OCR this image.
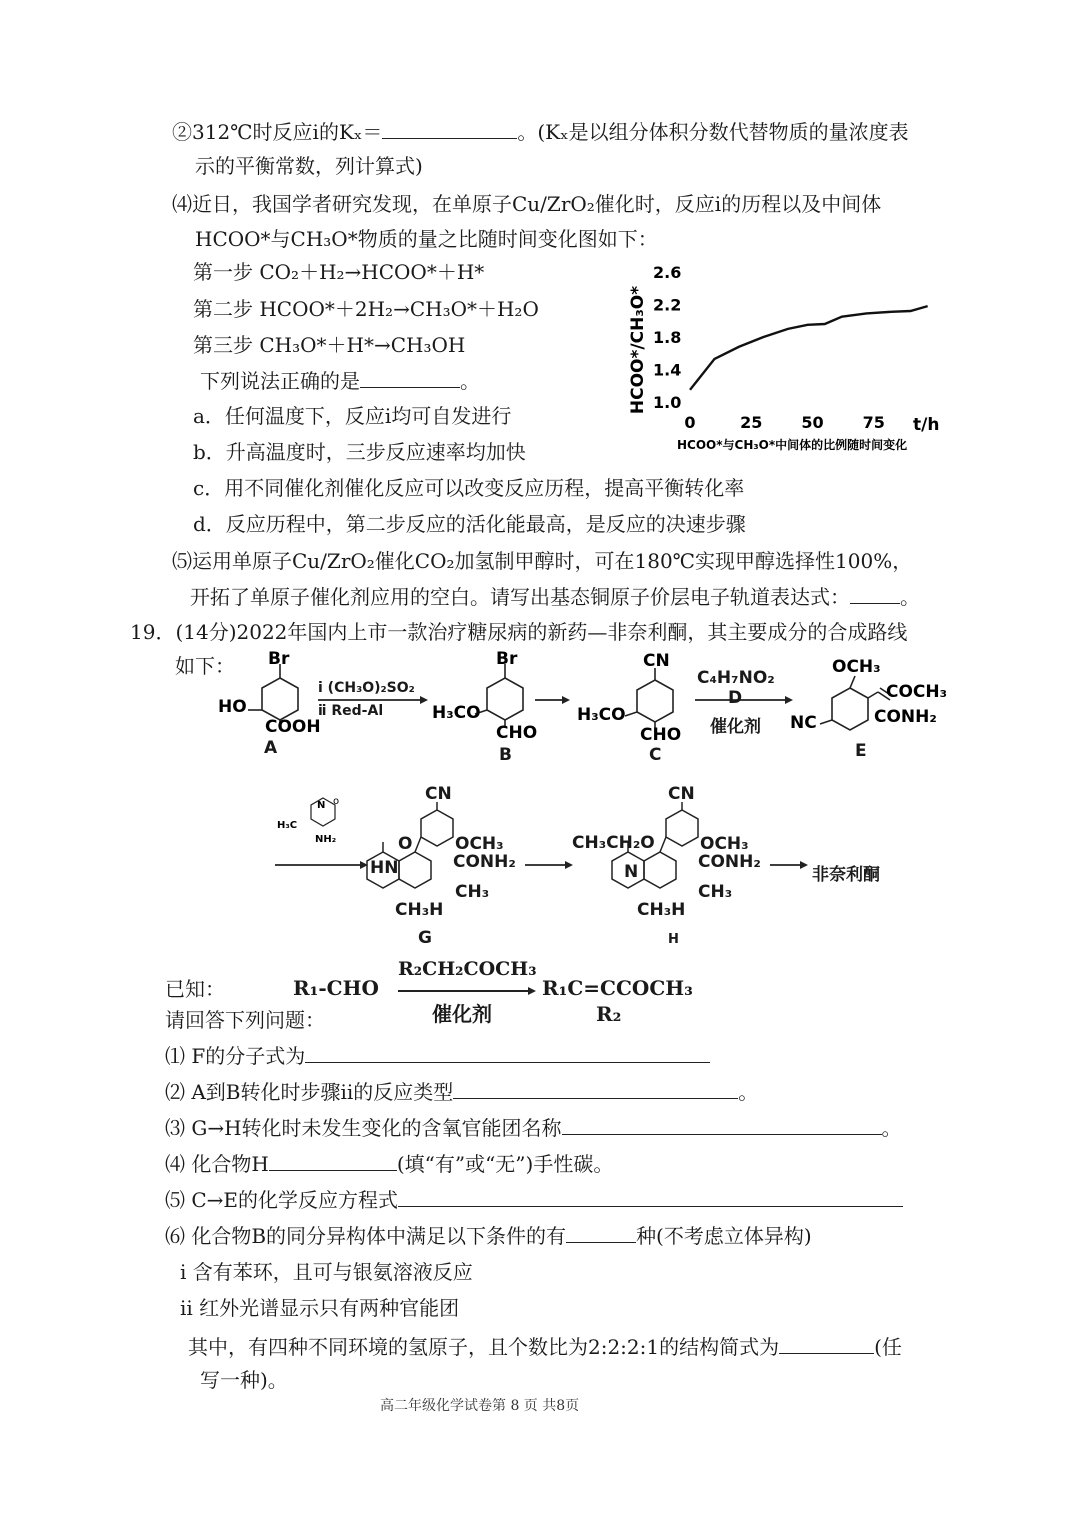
②312℃时反应ⅰ的Kₓ＝	。(Kₓ是以组分体积分数代替物质的量浓度表
示的平衡常数，列计算式)
⑷近日，我国学者研究发现，在单原子Cu/ZrO₂催化时，反应ⅰ的历程以及中间体
HCOO*与CH₃O*物质的量之比随时间变化图如下：
第一步 CO₂＋H₂→HCOO*＋H*
第二步 HCOO*＋2H₂→CH₃O*＋H₂O
第三步 CH₃O*＋H*→CH₃OH
下列说法正确的是	。
a．任何温度下，反应ⅰ均可自发进行
b．升高温度时，三步反应速率均加快
c．用不同催化剂催化反应可以改变反应历程，提高平衡转化率
d．反应历程中，第二步反应的活化能最高，是反应的决速步骤
⑸运用单原子Cu/ZrO₂催化CO₂加氢制甲醇时，可在180℃实现甲醇选择性100%，
开拓了单原子催化剂应用的空白。请写出基态铜原子价层电子轨道表达式：	。
1.0
1.4
1.8
2.2
2.6
0	25 50 75
HCOO*/CH₃O*
t/h
HCOO*与CH₃O*中间体的比例随时间变化
19．(14分)2022年国内上市一款治疗糖尿病的新药—非奈利酮，其主要成分的合成路线
如下： Br
HO
COOH
Br
H₃CO
CHO
CN
H₃CO
CHO
OCH₃
NC
COCH₃
CONH₂
ⅰ (CH₃O)₂SO₂
ⅱ Red-Al
C₄H₇NO₂
D
催化剂
A	B	C	E
N o
H₃C
NH₂
CN
OCH₃
CONH₂
CH₃
HN
O
CH₃H
G
CN
CH₃CH₂O	OCH₃
CONH₂
CH₃
N
CH₃H
H
非奈利酮
已知：	R₁-CHO
R₂CH₂COCH₃
催化剂
R₁C=CCOCH₃
R₂
请回答下列问题：
⑴ F的分子式为
⑵ A到B转化时步骤ⅱ的反应类型	。
⑶ G→H转化时未发生变化的含氧官能团名称	。
⑷ 化合物H	(填“有”或“无”)手性碳。
⑸ C→E的化学反应方程式
⑹ 化合物B的同分异构体中满足以下条件的有	种(不考虑立体异构)
ⅰ 含有苯环，且可与银氨溶液反应
ⅱ 红外光谱显示只有两种官能团
其中，有四种不同环境的氢原子，且个数比为2:2:2:1的结构简式为	(任
写一种)。
高二年级化学试卷第 8 页 共8页
